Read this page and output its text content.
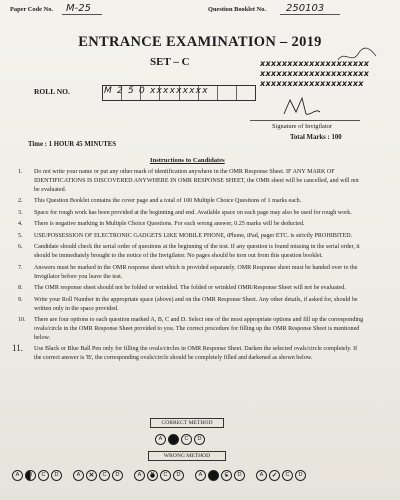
Paper Code No. M-25	Question Booklet No. 250103
ENTRANCE EXAMINATION – 2019
SET – C	xxxxxxxxxxxxxxxxxxxx
xxxxxxxxxxxxxxxxxxxx
xxxxxxxxxxxxxxxxxxx
ROLL NO.	M 2 5 0 xxxxxxxxx
Signature of Invigilator
Time : 1 HOUR 45 MINUTES
Total Marks : 100
Instructions to Candidates
1. Do not write your name or put any other mark of identification anywhere in the OMR Response Sheet. IF ANY MARK OF IDENTIFICATIONS IS DISCOVERED ANYWHERE IN OMR RESPONSE SHEET, the OMR sheet will be cancelled, and will not be evaluated.
2. This Question Booklet contains the cover page and a total of 100 Multiple Choice Questions of 1 marks each.
3. Space for rough work has been provided at the beginning and end. Available space on each page may also be used for rough work.
4. There is negative marking in Multiple Choice Questions. For each wrong answer, 0.25 marks will be deducted.
5. USE/POSSESSION OF ELECTRONIC GADGETS LIKE MOBILE PHONE, iPhone, iPad, pager ETC. is strictly PROHIBITED.
6. Candidate should check the serial order of questions at the beginning of the test. If any question is found missing in the serial order, it should be immediately brought to the notice of the Invigilator. No pages should be torn out from this question booklet.
7. Answers must be marked in the OMR response sheet which is provided separately. OMR Response sheet must be handed over to the Invigilator before you leave the test.
8. The OMR response sheet should not be folded or wrinkled. The folded or wrinkled OMR/Response Sheet will not be evaluated.
9. Write your Roll Number in the appropriate space (above) and on the OMR Response Sheet. Any other details, if asked for, should be written only in the space provided.
10. There are four options to each question marked A, B, C and D. Select one of the most appropriate options and fill up the corresponding ovals/circle in the OMR Response Sheet provided to you. The correct procedure for filling up the OMR Response Sheet is mentioned below.
11. Use Black or Blue Ball Pen only for filling the ovals/circles in OMR Response Sheet. Darken the selected ovals/circle completely. If the correct answer is 'B', the corresponding ovals/circle should be completely filled and darkened as shown below.
CORRECT METHOD
A B C D
WRONG METHOD
A B C D	A ✕ C D	A B C D	A B C D	A ✓ C D
